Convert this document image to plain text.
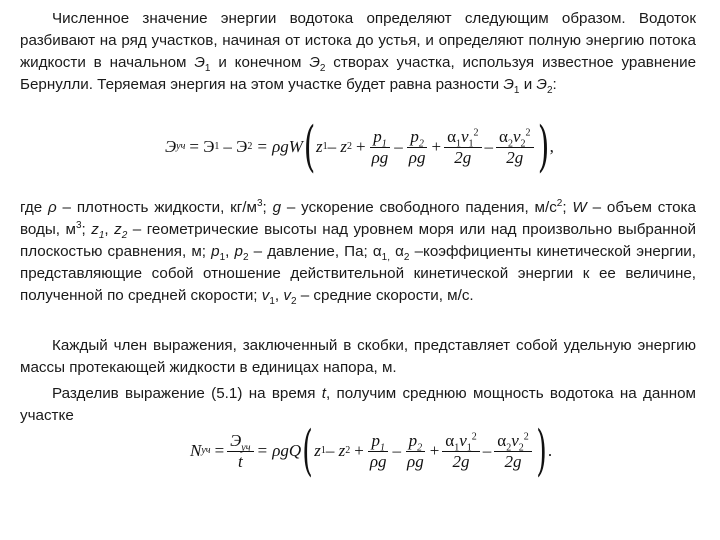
Численное значение энергии водотока определяют следующим образом. Водоток разбивают на ряд участков, начиная от истока до устья, и определяют полную энергию потока жидкости в начальном $Э_1$ и конечном $Э_2$ створах участка, используя известное уравнение Бернулли. Теряемая энергия на этом участке будет равна разности $Э_1$ и $Э_2$:

Э уч = Э 1 – Э 2 = ρgW ( z 1 – z $2 + \frac{p_1}{\rho g} - \frac{p_2}{\rho g} + \frac{\alpha_1v_1^2}{2g} - \frac{\alpha_2v_2^2}{2g}$ ) ,

где ρ – плотность жидкости, $кг/м^3$; g – ускорение свободного падения, $м/с^2$; W – объем стока воды, $м^3$; $z_1$, $z_2$ – геометрические высоты над уровнем моря или над произвольно выбранной плоскостью сравнения, м; $p_1$, $p_2$ – давление, Па; $\alpha_{1,}$ $\alpha_2$ –коэффициенты кинетической энергии, представляющие собой отношение действительной кинетической энергии к ее величине, полученной по средней скорости; $v_1$, $v_2$ – средние скорости, м/с.

Каждый член выражения, заключенный в скобки, представляет собой удельную энергию массы протекающей жидкости в единицах напора, м.

Разделив выражение (5.1) на время t, получим среднюю мощность водотока на данном участке

N уч = $\frac{Э_{уч}}{t} = \rho gQ$ ( z 1 – z $2 + \frac{p_1}{\rho g} - \frac{p_2}{\rho g} + \frac{\alpha_1v_1^2}{2g} - \frac{\alpha_2v_2^2}{2g}$ ) .
